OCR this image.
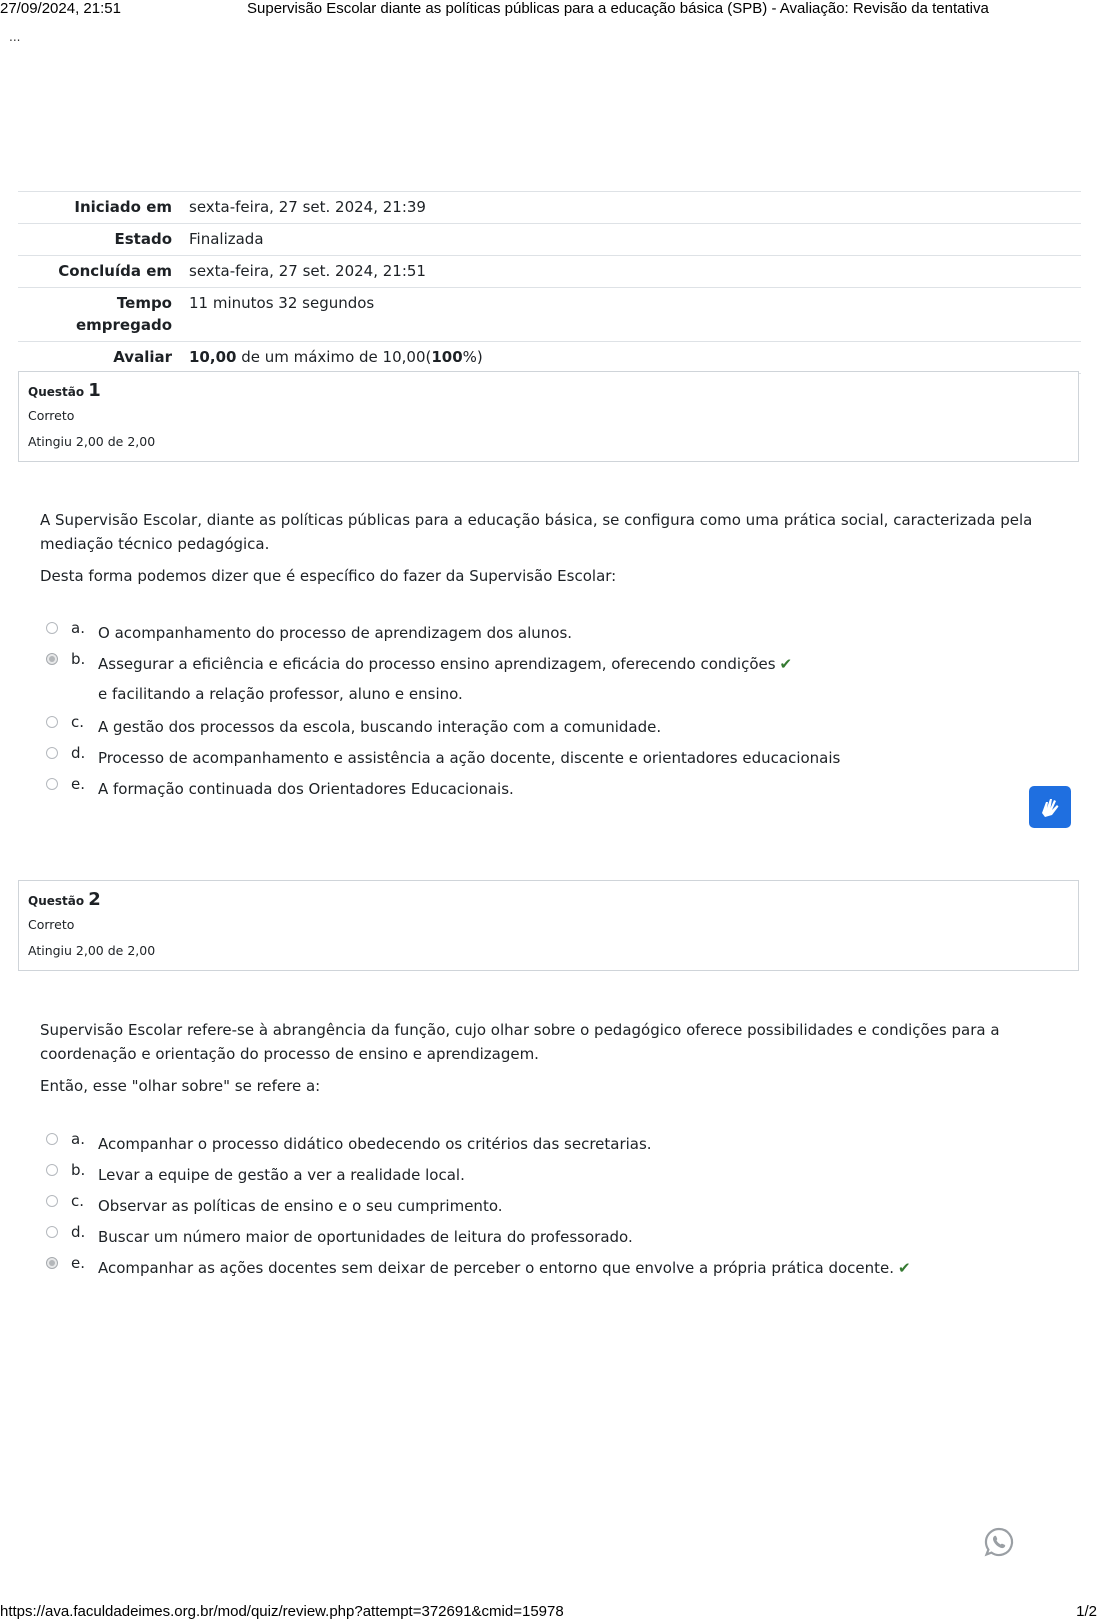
27/09/2024, 21:51	Supervisão Escolar diante as políticas públicas para a educação básica (SPB) - Avaliação: Revisão da tentativa
...
Iniciado em	sexta-feira, 27 set. 2024, 21:39
Estado	Finalizada
Concluída em	sexta-feira, 27 set. 2024, 21:51
Tempo
empregado	11 minutos 32 segundos
Avaliar	10,00 de um máximo de 10,00(100%)
Questão 1
Correto
Atingiu 2,00 de 2,00

A Supervisão Escolar, diante as políticas públicas para a educação básica, se configura como uma prática social, caracterizada pela mediação técnico pedagógica.

Desta forma podemos dizer que é específico do fazer da Supervisão Escolar:

a. O acompanhamento do processo de aprendizagem dos alunos.
b. Assegurar a eficiência e eficácia do processo ensino aprendizagem, oferecendo condições ✔
e facilitando a relação professor, aluno e ensino.
c. A gestão dos processos da escola, buscando interação com a comunidade.
d. Processo de acompanhamento e assistência a ação docente, discente e orientadores educacionais
e. A formação continuada dos Orientadores Educacionais.
Questão 2
Correto
Atingiu 2,00 de 2,00

Supervisão Escolar refere-se à abrangência da função, cujo olhar sobre o pedagógico oferece possibilidades e condições para a coordenação e orientação do processo de ensino e aprendizagem.

Então, esse "olhar sobre" se refere a:

a. Acompanhar o processo didático obedecendo os critérios das secretarias.
b. Levar a equipe de gestão a ver a realidade local.
c. Observar as políticas de ensino e o seu cumprimento.
d. Buscar um número maior de oportunidades de leitura do professorado.
e. Acompanhar as ações docentes sem deixar de perceber o entorno que envolve a própria prática docente. ✔
https://ava.faculdadeimes.org.br/mod/quiz/review.php?attempt=372691&cmid=15978	1/2
